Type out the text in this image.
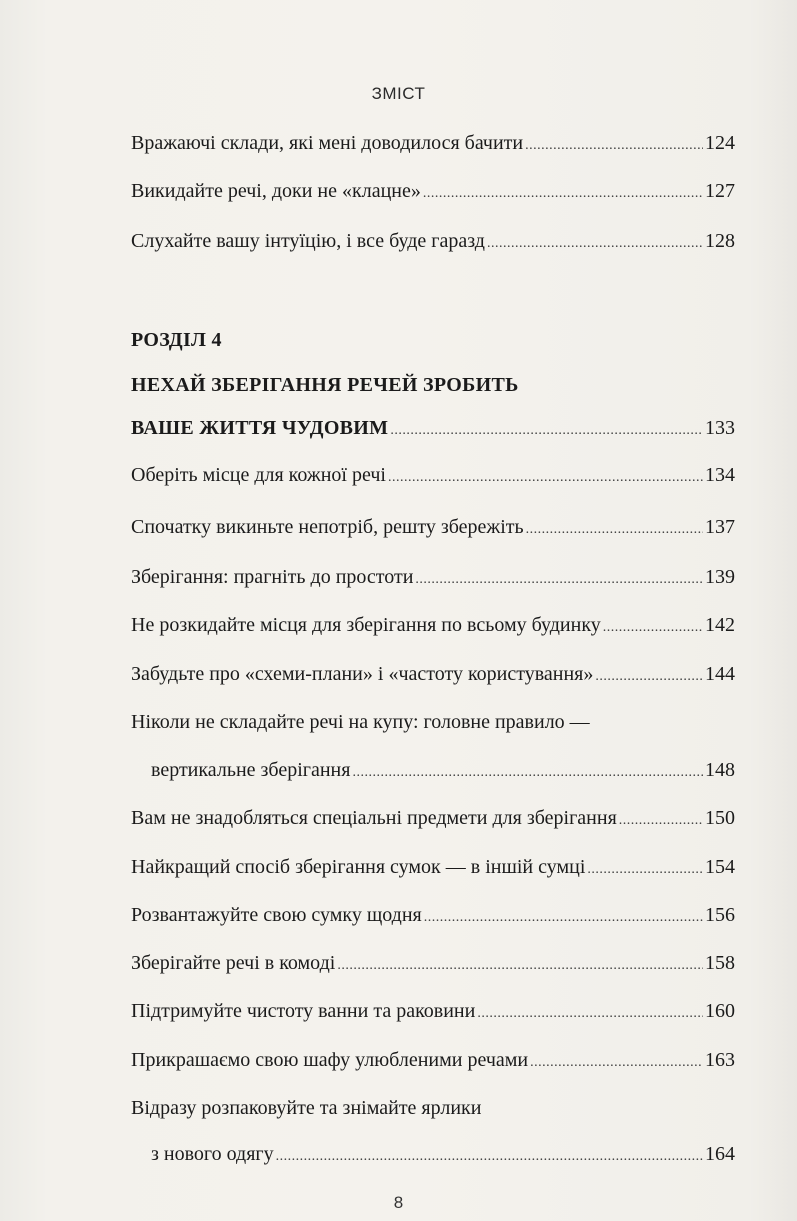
ЗМІСТ
Вражаючі склади, які мені доводилося бачити .....	124
Викидайте речі, доки не «клацне» .....	127
Слухайте вашу інтуїцію, і все буде гаразд .....	128
РОЗДІЛ 4
НЕХАЙ ЗБЕРІГАННЯ РЕЧЕЙ ЗРОБИТЬ
ВАШЕ ЖИТТЯ ЧУДОВИМ .....	133
Оберіть місце для кожної речі .....	134
Спочатку викиньте непотріб, решту збережіть .....	137
Зберігання: прагніть до простоти .....	139
Не розкидайте місця для зберігання по всьому будинку .....	142
Забудьте про «схеми-плани» і «частоту користування» .....	144
Ніколи не складайте речі на купу: головне правило —
вертикальне зберігання .....	148
Вам не знадобляться спеціальні предмети для зберігання .....	150
Найкращий спосіб зберігання сумок — в іншій сумці .....	154
Розвантажуйте свою сумку щодня .....	156
Зберігайте речі в комоді .....	158
Підтримуйте чистоту ванни та раковини .....	160
Прикрашаємо свою шафу улюбленими речами .....	163
Відразу розпаковуйте та знімайте ярлики
з нового одягу .....	164
8
